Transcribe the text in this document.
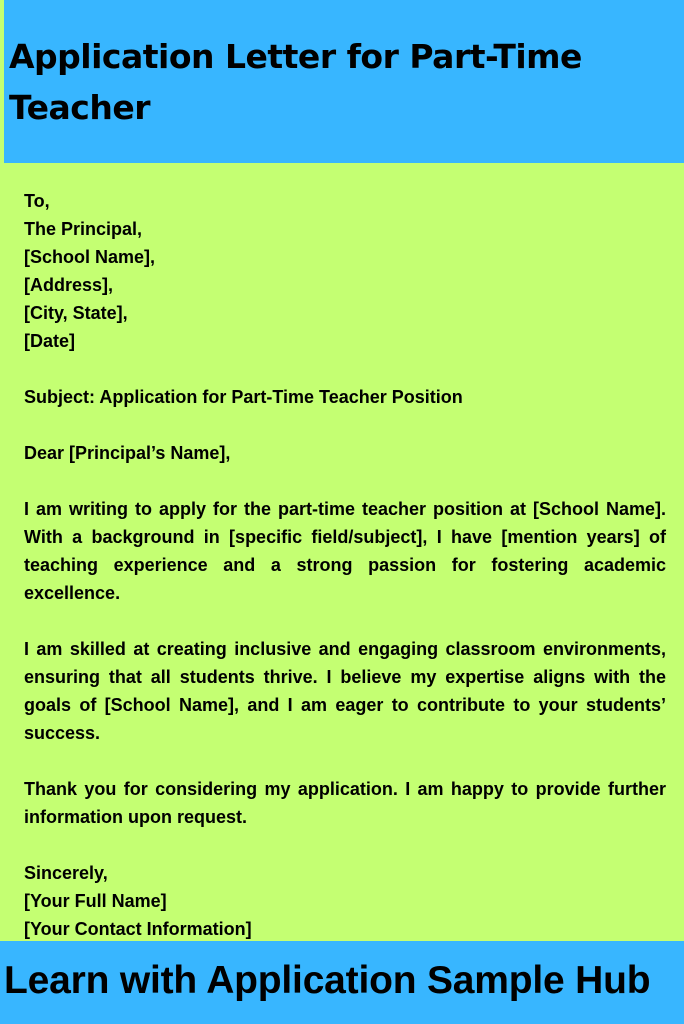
Application Letter for Part-Time Teacher
To,
The Principal,
[School Name],
[Address],
[City, State],
[Date]
Subject: Application for Part-Time Teacher Position
Dear [Principal’s Name],
I am writing to apply for the part-time teacher position at [School Name]. With a background in [specific field/subject], I have [mention years] of teaching experience and a strong passion for fostering academic excellence.
I am skilled at creating inclusive and engaging classroom environments, ensuring that all students thrive. I believe my expertise aligns with the goals of [School Name], and I am eager to contribute to your students’ success.
Thank you for considering my application. I am happy to provide further information upon request.
Sincerely,
[Your Full Name]
[Your Contact Information]
Learn with Application Sample Hub
